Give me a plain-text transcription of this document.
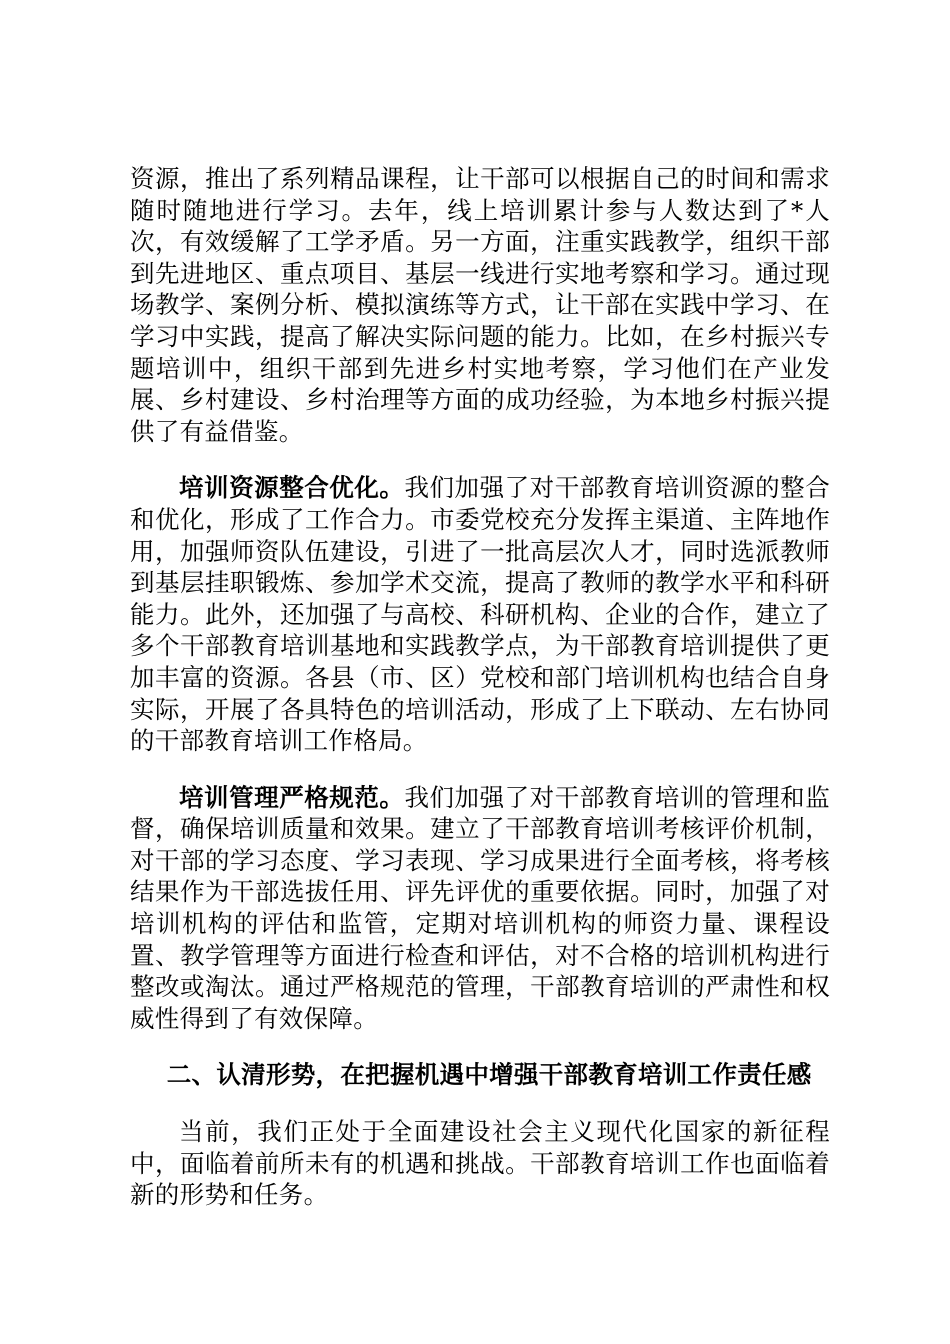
资源，推出了系列精品课程，让干部可以根据自己的时间和需求随时随地进行学习。去年，线上培训累计参与人数达到了*人次，有效缓解了工学矛盾。另一方面，注重实践教学，组织干部到先进地区、重点项目、基层一线进行实地考察和学习。通过现场教学、案例分析、模拟演练等方式，让干部在实践中学习、在学习中实践，提高了解决实际问题的能力。比如，在乡村振兴专题培训中，组织干部到先进乡村实地考察，学习他们在产业发展、乡村建设、乡村治理等方面的成功经验，为本地乡村振兴提供了有益借鉴。

培训资源整合优化。我们加强了对干部教育培训资源的整合和优化，形成了工作合力。市委党校充分发挥主渠道、主阵地作用，加强师资队伍建设，引进了一批高层次人才，同时选派教师到基层挂职锻炼、参加学术交流，提高了教师的教学水平和科研能力。此外，还加强了与高校、科研机构、企业的合作，建立了多个干部教育培训基地和实践教学点，为干部教育培训提供了更加丰富的资源。各县（市、区）党校和部门培训机构也结合自身实际，开展了各具特色的培训活动，形成了上下联动、左右协同的干部教育培训工作格局。

培训管理严格规范。我们加强了对干部教育培训的管理和监督，确保培训质量和效果。建立了干部教育培训考核评价机制，对干部的学习态度、学习表现、学习成果进行全面考核，将考核结果作为干部选拔任用、评先评优的重要依据。同时，加强了对培训机构的评估和监管，定期对培训机构的师资力量、课程设置、教学管理等方面进行检查和评估，对不合格的培训机构进行整改或淘汰。通过严格规范的管理，干部教育培训的严肃性和权威性得到了有效保障。

二、认清形势，在把握机遇中增强干部教育培训工作责任感

当前，我们正处于全面建设社会主义现代化国家的新征程中，面临着前所未有的机遇和挑战。干部教育培训工作也面临着新的形势和任务。
